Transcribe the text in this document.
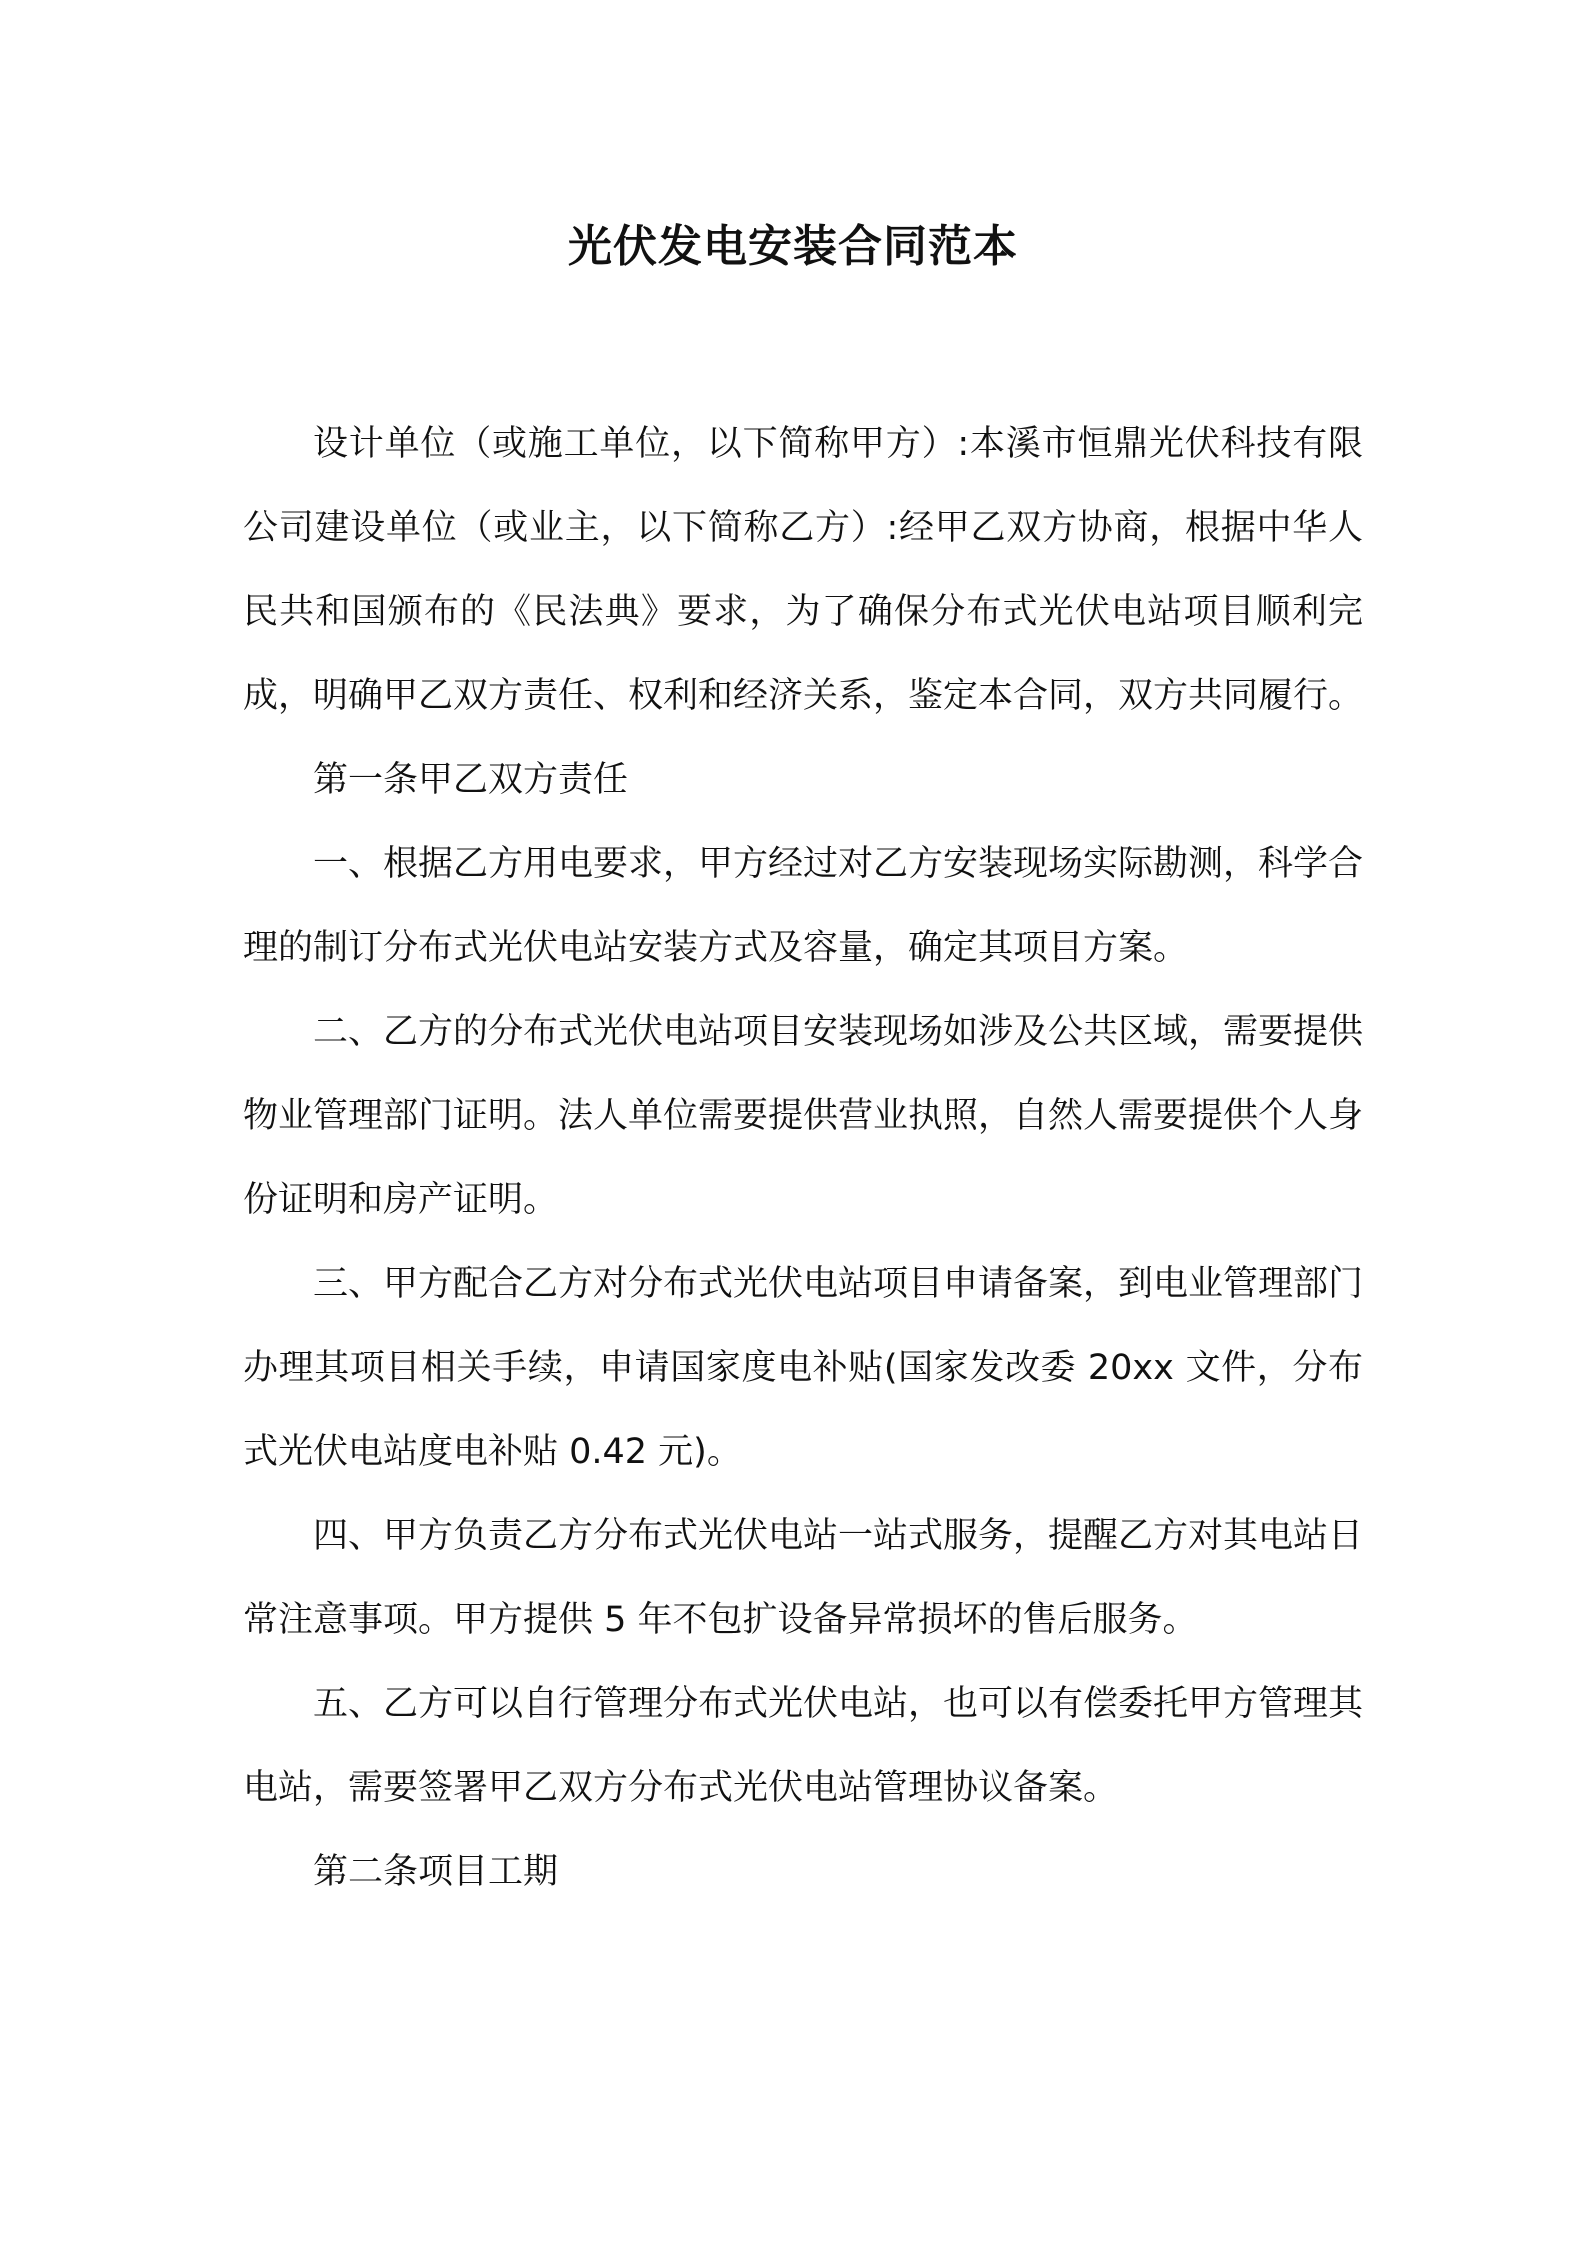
光伏发电安装合同范本

设计单位（或施工单位，以下简称甲方）:本溪市恒鼎光伏科技有限公司建设单位（或业主，以下简称乙方）:经甲乙双方协商，根据中华人民共和国颁布的《民法典》要求，为了确保分布式光伏电站项目顺利完成，明确甲乙双方责任、权利和经济关系，鉴定本合同，双方共同履行。

第一条甲乙双方责任

一、根据乙方用电要求，甲方经过对乙方安装现场实际勘测，科学合理的制订分布式光伏电站安装方式及容量，确定其项目方案。

二、乙方的分布式光伏电站项目安装现场如涉及公共区域，需要提供物业管理部门证明。法人单位需要提供营业执照，自然人需要提供个人身份证明和房产证明。

三、甲方配合乙方对分布式光伏电站项目申请备案，到电业管理部门办理其项目相关手续，申请国家度电补贴(国家发改委 20xx 文件，分布式光伏电站度电补贴 0.42 元)。

四、甲方负责乙方分布式光伏电站一站式服务，提醒乙方对其电站日常注意事项。甲方提供 5 年不包扩设备异常损坏的售后服务。

五、乙方可以自行管理分布式光伏电站，也可以有偿委托甲方管理其电站，需要签署甲乙双方分布式光伏电站管理协议备案。

第二条项目工期
